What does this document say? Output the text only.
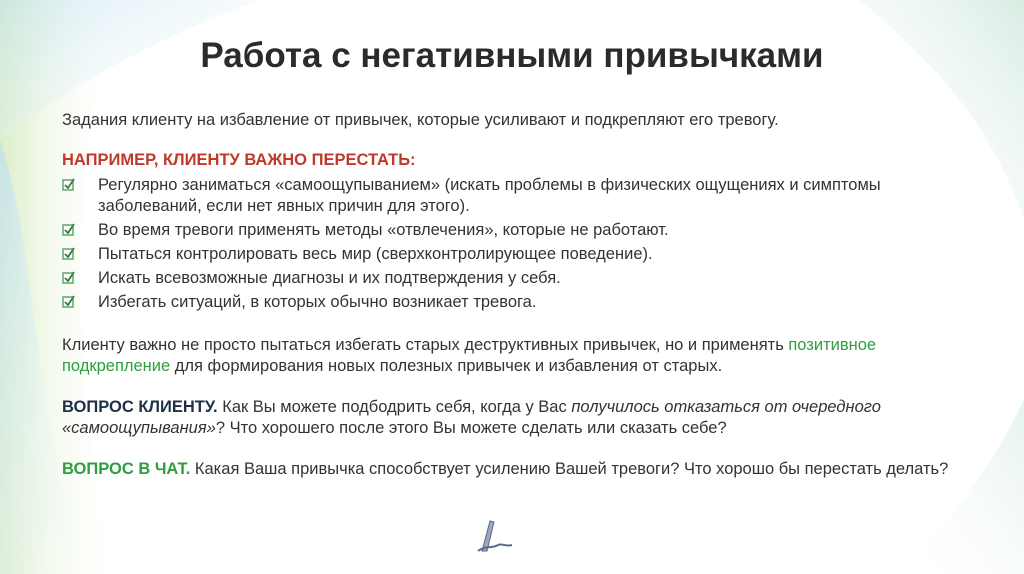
Работа с негативными привычками

Задания клиенту на избавление от привычек, которые усиливают и подкрепляют его тревогу.

НАПРИМЕР, КЛИЕНТУ ВАЖНО ПЕРЕСТАТЬ:

Регулярно заниматься «самоощупыванием» (искать проблемы в физических ощущениях и симптомы заболеваний, если нет явных причин для этого).
Во время тревоги применять методы «отвлечения», которые не работают.
Пытаться контролировать весь мир (сверхконтролирующее поведение).
Искать всевозможные диагнозы и их подтверждения у себя.
Избегать ситуаций, в которых обычно возникает тревога.

Клиенту важно не просто пытаться избегать старых деструктивных привычек, но и применять позитивное подкрепление для формирования новых полезных привычек и избавления от старых.

ВОПРОС КЛИЕНТУ. Как Вы можете подбодрить себя, когда у Вас получилось отказаться от очередного «самоощупывания»? Что хорошего после этого Вы можете сделать или сказать себе?

ВОПРОС В ЧАТ. Какая Ваша привычка способствует усилению Вашей тревоги? Что хорошо бы перестать делать?
